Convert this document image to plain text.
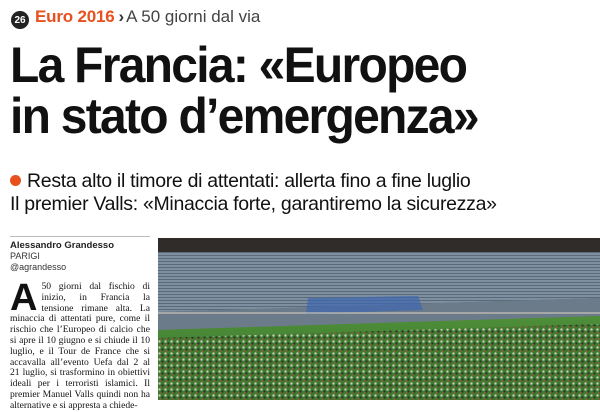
26 Euro 2016 › A 50 giorni dal via
La Francia: «Europeo
in stato d’emergenza»
Resta alto il timore di attentati: allerta fino a fine luglio
Il premier Valls: «Minaccia forte, garantiremo la sicurezza»
Alessandro Grandesso
PARIGI
@agrandesso
A 50 giorni dal fischio di inizio, in Francia la tensione rimane alta. La minaccia di attentati pure, come il rischio che l’Europeo di calcio che si apre il 10 giugno e si chiude il 10 luglio, e il Tour de France che si accavalla all’evento Uefa dal 2 al 21 luglio, si trasformino in obiettivi ideali per i terroristi islamici. Il premier Manuel Valls quindi non ha alternative e si appresta a chiede-
